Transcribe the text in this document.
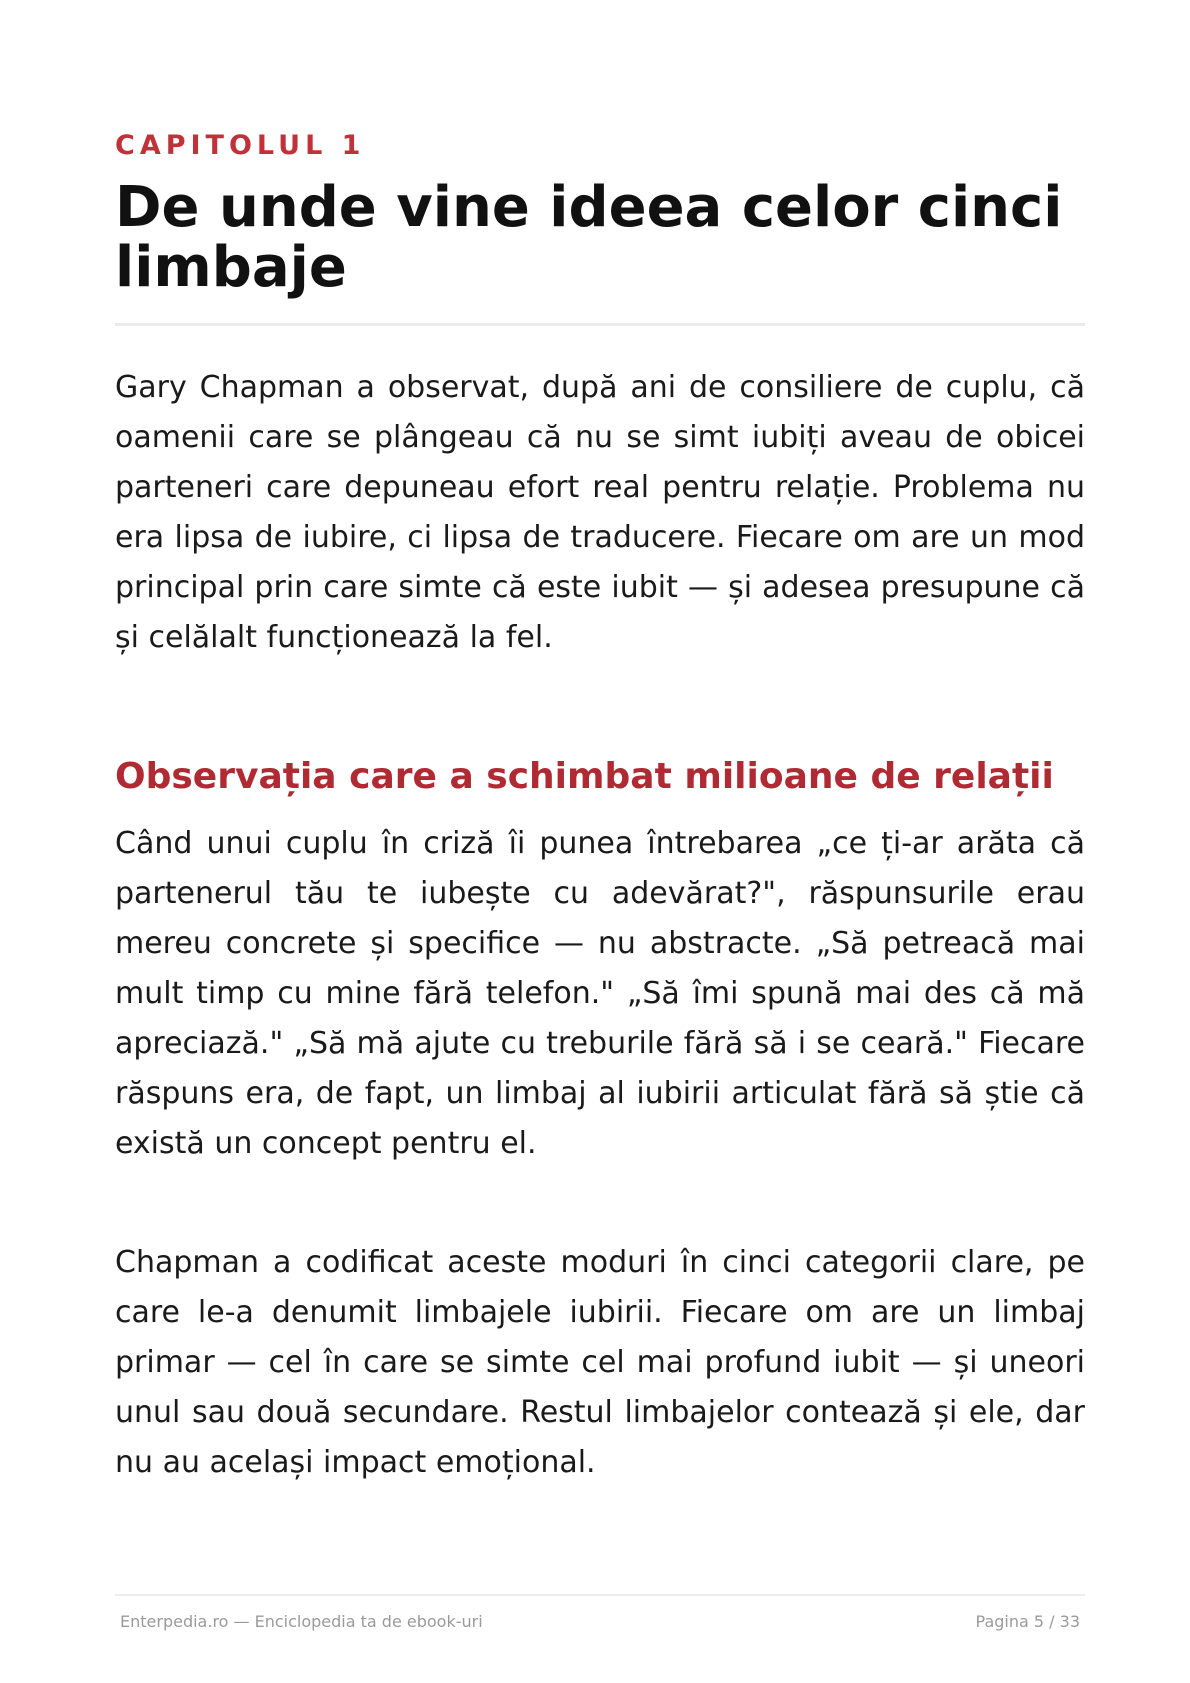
CAPITOLUL 1
De unde vine ideea celor cinci limbaje

Gary Chapman a observat, după ani de consiliere de cuplu, că oamenii care se plângeau că nu se simt iubiți aveau de obicei parteneri care depuneau efort real pentru relație. Problema nu era lipsa de iubire, ci lipsa de traducere. Fiecare om are un mod principal prin care simte că este iubit — și adesea presupune că și celălalt funcționează la fel.

Observația care a schimbat milioane de relații

Când unui cuplu în criză îi punea întrebarea „ce ți-ar arăta că partenerul tău te iubește cu adevărat?", răspunsurile erau mereu concrete și specifice — nu abstracte. „Să petreacă mai mult timp cu mine fără telefon." „Să îmi spună mai des că mă apreciază." „Să mă ajute cu treburile fără să i se ceară." Fiecare răspuns era, de fapt, un limbaj al iubirii articulat fără să știe că există un concept pentru el.

Chapman a codificat aceste moduri în cinci categorii clare, pe care le-a denumit limbajele iubirii. Fiecare om are un limbaj primar — cel în care se simte cel mai profund iubit — și uneori unul sau două secundare. Restul limbajelor contează și ele, dar nu au același impact emoțional.

Enterpedia.ro — Enciclopedia ta de ebook-uri	Pagina 5 / 33
